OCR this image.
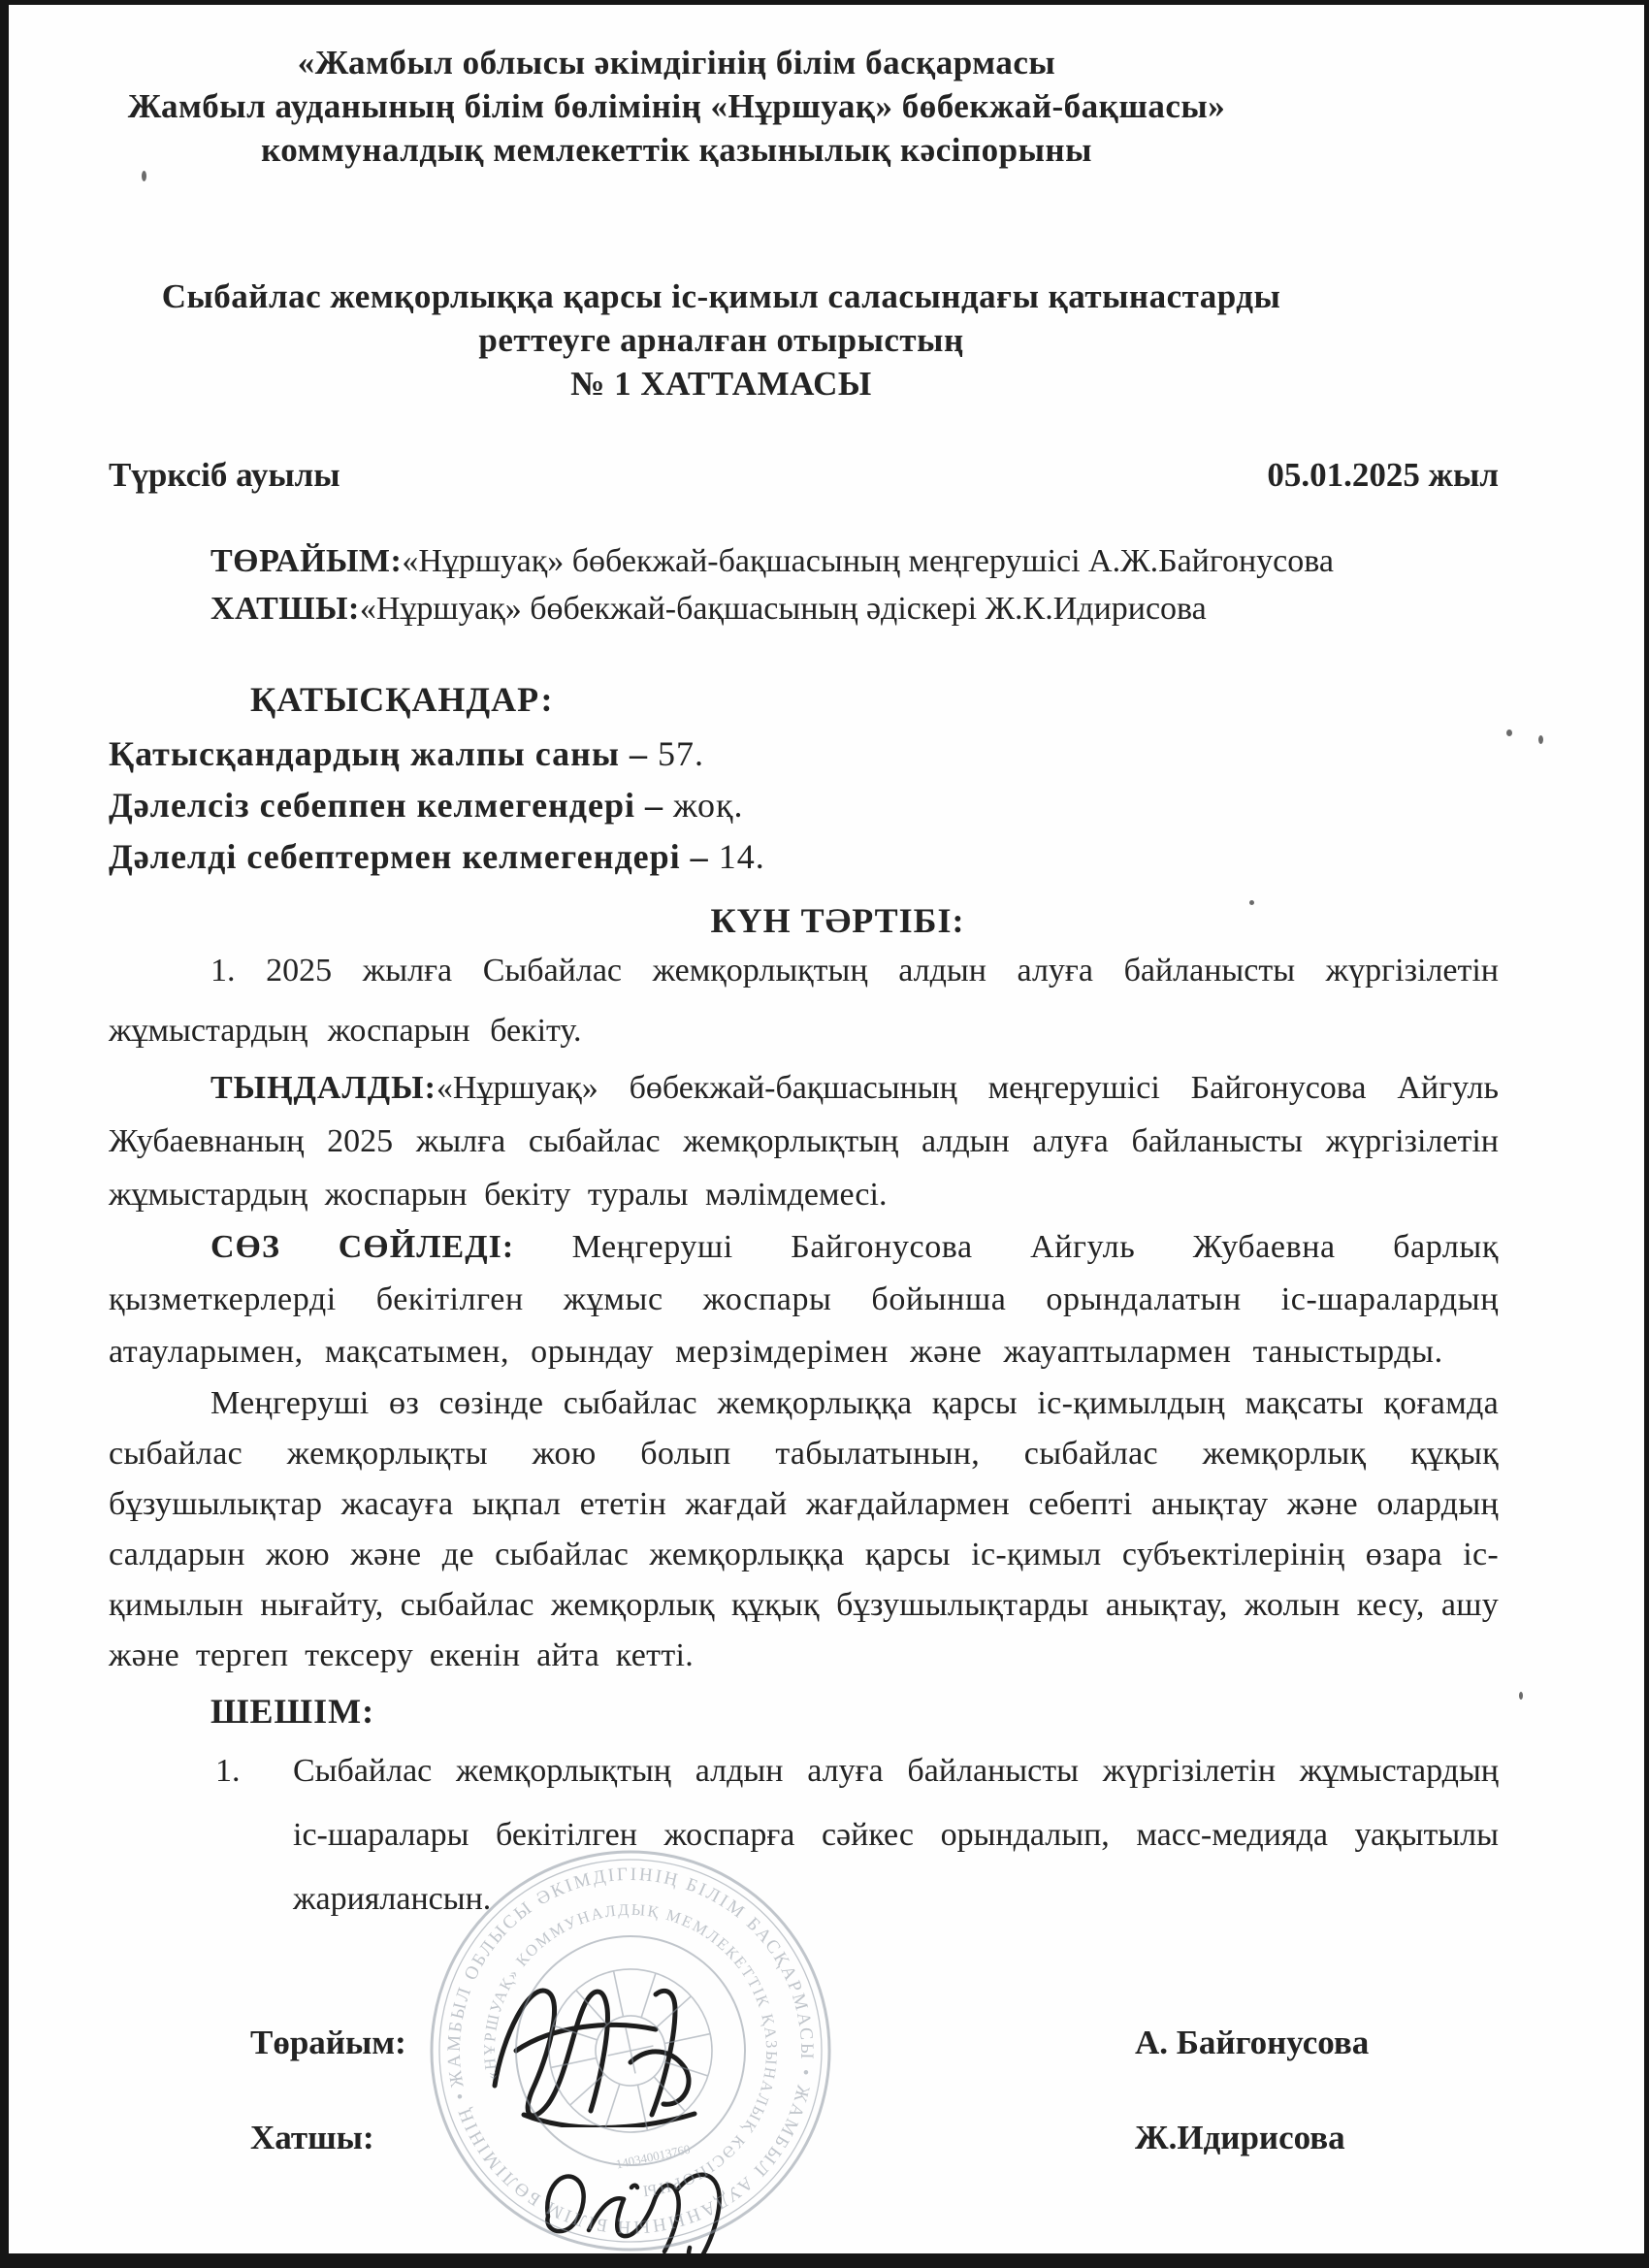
«Жамбыл облысы әкімдігінің білім басқармасы
Жамбыл ауданының білім бөлімінің «Нұршуақ» бөбекжай-бақшасы»
коммуналдық мемлекеттік қазынылық кәсіпорыны
Сыбайлас жемқорлыққа қарсы іс-қимыл саласындағы қатынастарды
реттеуге арналған отырыстың
№ 1 ХАТТАМАСЫ
Түрксіб ауылы	05.01.2025 жыл
ТӨРАЙЫМ:«Нұршуақ» бөбекжай-бақшасының меңгерушісі А.Ж.Байгонусова
ХАТШЫ:«Нұршуақ» бөбекжай-бақшасының әдіскері Ж.К.Идирисова
ҚАТЫСҚАНДАР:
Қатысқандардың жалпы саны – 57.
Дәлелсіз себеппен келмегендері – жоқ.
Дәлелді себептермен келмегендері – 14.
КҮН ТӘРТІБІ:

1. 2025 жылға Сыбайлас жемқорлықтың алдын алуға байланысты жүргізілетін жұмыстардың жоспарын бекіту.

ТЫҢДАЛДЫ:«Нұршуақ» бөбекжай-бақшасының меңгерушісі Байгонусова Айгуль Жубаевнаның 2025 жылға сыбайлас жемқорлықтың алдын алуға байланысты жүргізілетін жұмыстардың жоспарын бекіту туралы мәлімдемесі.

СӨЗ СӨЙЛЕДІ: Меңгеруші Байгонусова Айгуль Жубаевна барлық қызметкерлерді бекітілген жұмыс жоспары бойынша орындалатын іс-шаралардың атауларымен, мақсатымен, орындау мерзімдерімен және жауаптылармен таныстырды.

Меңгеруші өз сөзінде сыбайлас жемқорлыққа қарсы іс-қимылдың мақсаты қоғамда сыбайлас жемқорлықты жою болып табылатынын, сыбайлас жемқорлық құқық бұзушылықтар жасауға ықпал ететін жағдай жағдайлармен себепті анықтау және олардың салдарын жою және де сыбайлас жемқорлыққа қарсы іс-қимыл субъектілерінің өзара іс-қимылын нығайту, сыбайлас жемқорлық құқық бұзушылықтарды анықтау, жолын кесу, ашу және тергеп тексеру екенін айта кетті.

ШЕШІМ:
1.	Сыбайлас жемқорлықтың алдын алуға байланысты жүргізілетін жұмыстардың іс-шаралары бекітілген жоспарға сәйкес орындалып, масс-медияда уақытылы жариялансын.
Төрайым:	А. Байгонусова
Хатшы:	Ж.Идирисова
ЖАМБЫЛ ОБЛЫСЫ ӘКІМДІГІНІҢ БІЛІМ БАСҚАРМАСЫ • ЖАМБЫЛ АУДАНЫНЫҢ БІЛІМ БӨЛІМІНІҢ •
«НҰРШУАҚ» КОММУНАЛДЫҚ МЕМЛЕКЕТТІК ҚАЗЫНАЛЫҚ КӘСІПОРНЫ
140340013760
